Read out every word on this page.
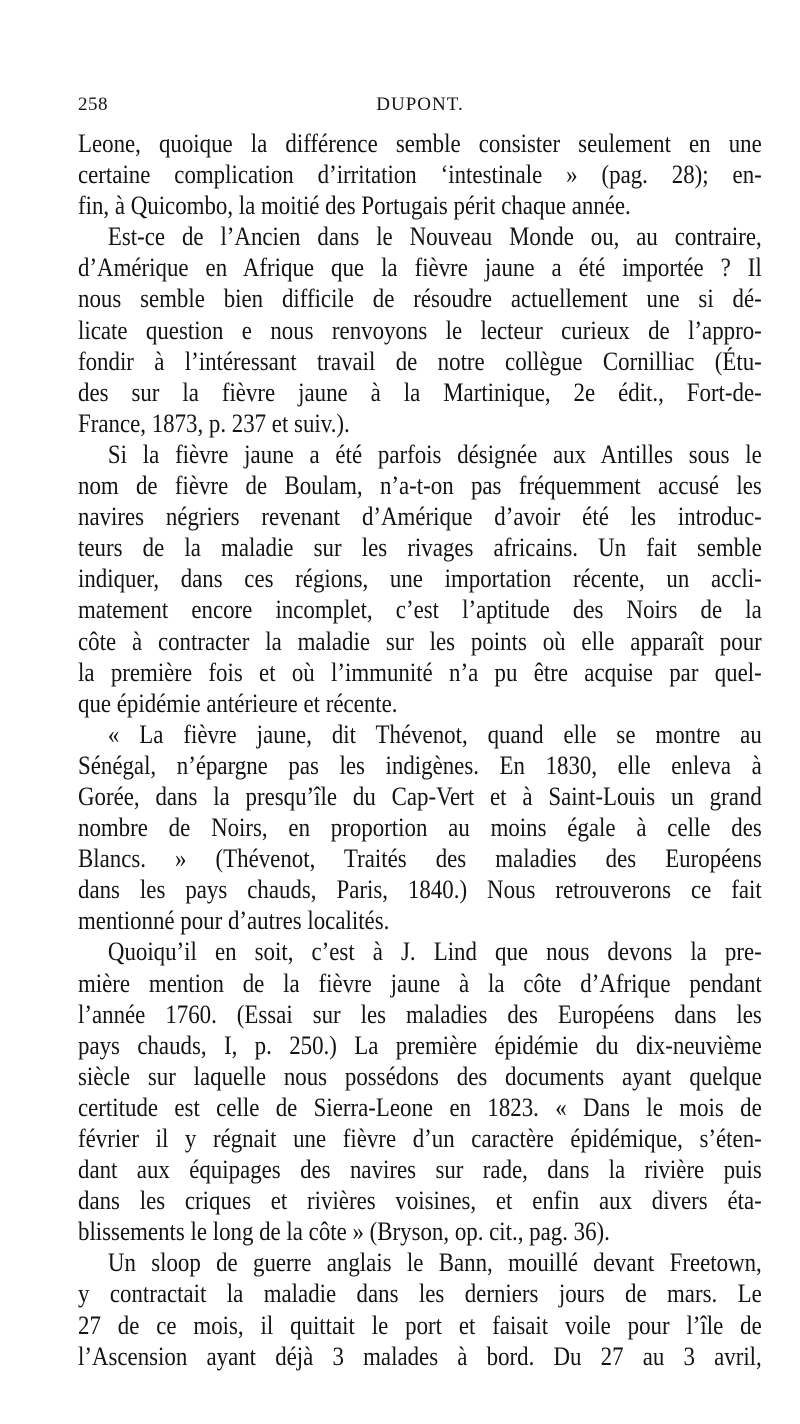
258	DUPONT.
Leone, quoique la différence semble consister seulement en une
certaine complication d’irritation ‘intestinale » (pag. 28); en-
fin, à Quicombo, la moitié des Portugais périt chaque année.
Est-ce de l’Ancien dans le Nouveau Monde ou, au contraire,
d’Amérique en Afrique que la fièvre jaune a été importée ? Il
nous semble bien difficile de résoudre actuellement une si dé-
licate question e nous renvoyons le lecteur curieux de l’appro-
fondir à l’intéressant travail de notre collègue Cornilliac (Étu-
des sur la fièvre jaune à la Martinique, 2e édit., Fort-de-
France, 1873, p. 237 et suiv.).
Si la fièvre jaune a été parfois désignée aux Antilles sous le
nom de fièvre de Boulam, n’a-t-on pas fréquemment accusé les
navires négriers revenant d’Amérique d’avoir été les introduc-
teurs de la maladie sur les rivages africains. Un fait semble
indiquer, dans ces régions, une importation récente, un accli-
matement encore incomplet, c’est l’aptitude des Noirs de la
côte à contracter la maladie sur les points où elle apparaît pour
la première fois et où l’immunité n’a pu être acquise par quel-
que épidémie antérieure et récente.
« La fièvre jaune, dit Thévenot, quand elle se montre au
Sénégal, n’épargne pas les indigènes. En 1830, elle enleva à
Gorée, dans la presqu’île du Cap-Vert et à Saint-Louis un grand
nombre de Noirs, en proportion au moins égale à celle des
Blancs. » (Thévenot, Traités des maladies des Européens
dans les pays chauds, Paris, 1840.) Nous retrouverons ce fait
mentionné pour d’autres localités.
Quoiqu’il en soit, c’est à J. Lind que nous devons la pre-
mière mention de la fièvre jaune à la côte d’Afrique pendant
l’année 1760. (Essai sur les maladies des Européens dans les
pays chauds, I, p. 250.) La première épidémie du dix-neuvième
siècle sur laquelle nous possédons des documents ayant quelque
certitude est celle de Sierra-Leone en 1823. « Dans le mois de
février il y régnait une fièvre d’un caractère épidémique, s’éten-
dant aux équipages des navires sur rade, dans la rivière puis
dans les criques et rivières voisines, et enfin aux divers éta-
blissements le long de la côte » (Bryson, op. cit., pag. 36).
Un sloop de guerre anglais le Bann, mouillé devant Freetown,
y contractait la maladie dans les derniers jours de mars. Le
27 de ce mois, il quittait le port et faisait voile pour l’île de
l’Ascension ayant déjà 3 malades à bord. Du 27 au 3 avril,
